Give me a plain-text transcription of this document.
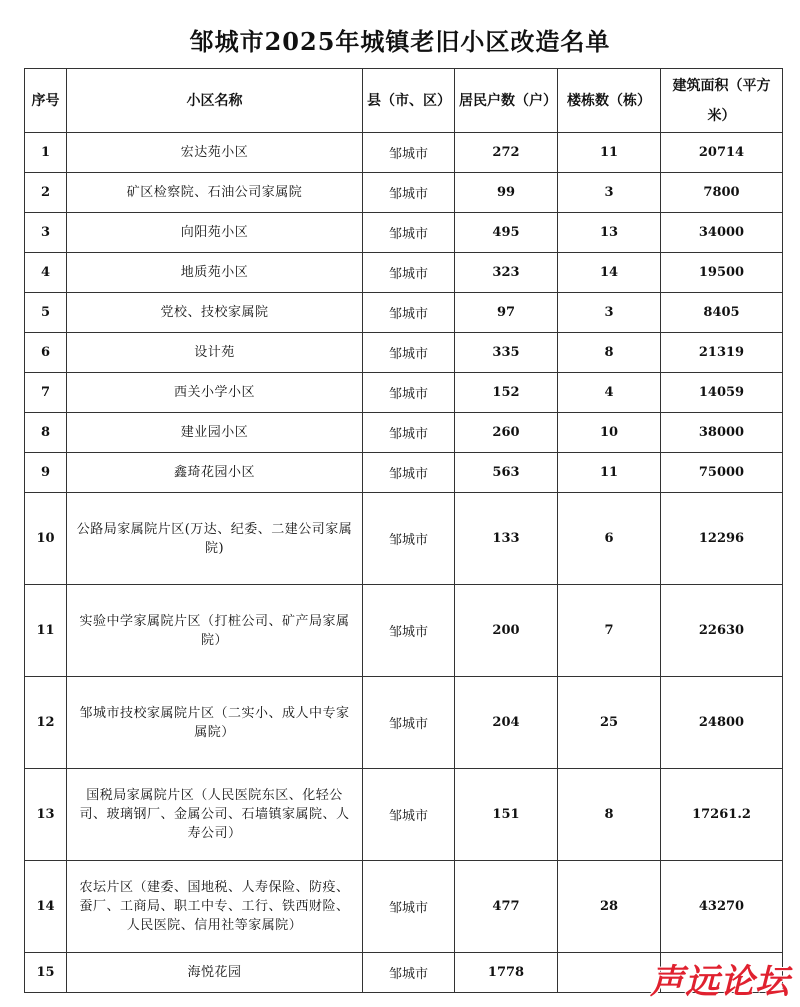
邹城市2025年城镇老旧小区改造名单
序号	小区名称	县（市、区）	居民户数（户）	楼栋数（栋）	建筑面积（平方米）
1	宏达苑小区	邹城市	272	11	20714
2	矿区检察院、石油公司家属院	邹城市	99	3	7800
3	向阳苑小区	邹城市	495	13	34000
4	地质苑小区	邹城市	323	14	19500
5	党校、技校家属院	邹城市	97	3	8405
6	设计苑	邹城市	335	8	21319
7	西关小学小区	邹城市	152	4	14059
8	建业园小区	邹城市	260	10	38000
9	鑫琦花园小区	邹城市	563	11	75000
10	公路局家属院片区(万达、纪委、二建公司家属院)	邹城市	133	6	12296
11	实验中学家属院片区（打桩公司、矿产局家属院）	邹城市	200	7	22630
12	邹城市技校家属院片区（二实小、成人中专家属院）	邹城市	204	25	24800
13	国税局家属院片区（人民医院东区、化轻公司、玻璃钢厂、金属公司、石墙镇家属院、人寿公司）	邹城市	151	8	17261.2
14	农坛片区（建委、国地税、人寿保险、防疫、蚕厂、工商局、职工中专、工行、铁西财险、人民医院、信用社等家属院）	邹城市	477	28	43270
15	海悦花园	邹城市	1778			声远论坛
